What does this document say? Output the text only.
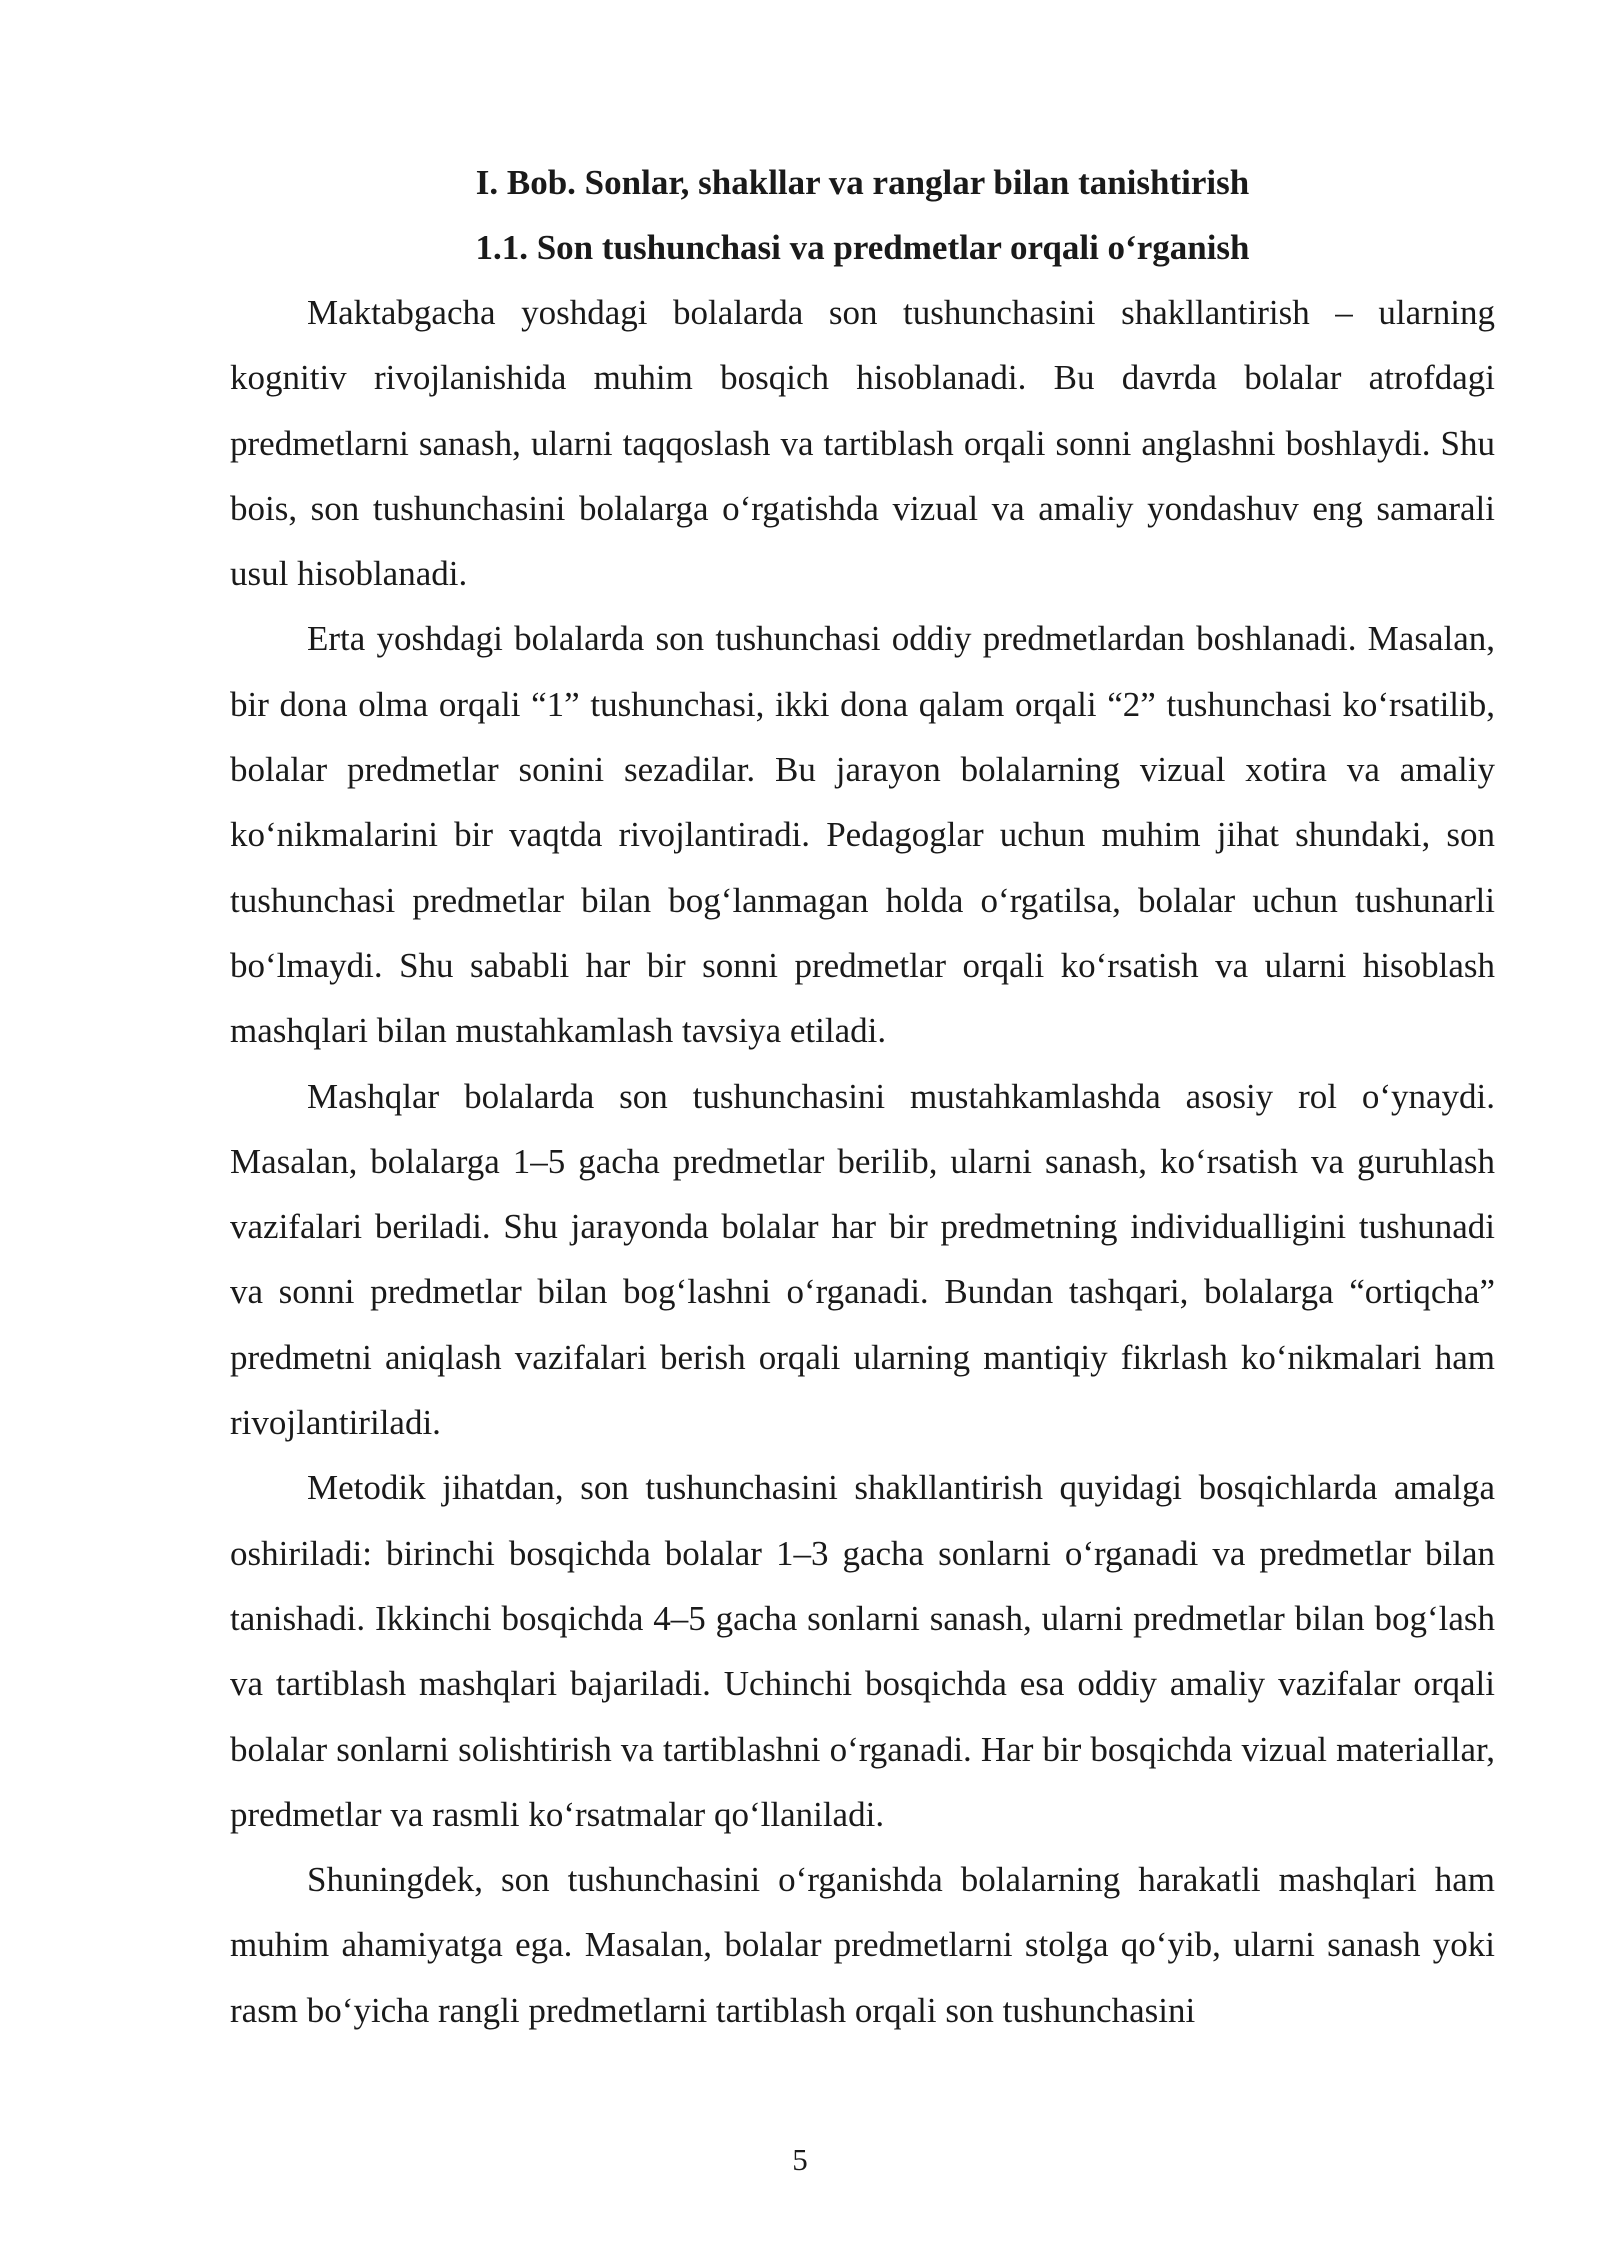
I. Bob. Sonlar, shakllar va ranglar bilan tanishtirish
1.1. Son tushunchasi va predmetlar orqali o‘rganish

Maktabgacha yoshdagi bolalarda son tushunchasini shakllantirish – ularning kognitiv rivojlanishida muhim bosqich hisoblanadi. Bu davrda bolalar atrofdagi predmetlarni sanash, ularni taqqoslash va tartiblash orqali sonni anglashni boshlaydi. Shu bois, son tushunchasini bolalarga o‘rgatishda vizual va amaliy yondashuv eng samarali usul hisoblanadi.

Erta yoshdagi bolalarda son tushunchasi oddiy predmetlardan boshlanadi. Masalan, bir dona olma orqali “1” tushunchasi, ikki dona qalam orqali “2” tushunchasi ko‘rsatilib, bolalar predmetlar sonini sezadilar. Bu jarayon bolalarning vizual xotira va amaliy ko‘nikmalarini bir vaqtda rivojlantiradi. Pedagoglar uchun muhim jihat shundaki, son tushunchasi predmetlar bilan bog‘lanmagan holda o‘rgatilsa, bolalar uchun tushunarli bo‘lmaydi. Shu sababli har bir sonni predmetlar orqali ko‘rsatish va ularni hisoblash mashqlari bilan mustahkamlash tavsiya etiladi.

Mashqlar bolalarda son tushunchasini mustahkamlashda asosiy rol o‘ynaydi. Masalan, bolalarga 1–5 gacha predmetlar berilib, ularni sanash, ko‘rsatish va guruhlash vazifalari beriladi. Shu jarayonda bolalar har bir predmetning individualligini tushunadi va sonni predmetlar bilan bog‘lashni o‘rganadi. Bundan tashqari, bolalarga “ortiqcha” predmetni aniqlash vazifalari berish orqali ularning mantiqiy fikrlash ko‘nikmalari ham rivojlantiriladi.

Metodik jihatdan, son tushunchasini shakllantirish quyidagi bosqichlarda amalga oshiriladi: birinchi bosqichda bolalar 1–3 gacha sonlarni o‘rganadi va predmetlar bilan tanishadi. Ikkinchi bosqichda 4–5 gacha sonlarni sanash, ularni predmetlar bilan bog‘lash va tartiblash mashqlari bajariladi. Uchinchi bosqichda esa oddiy amaliy vazifalar orqali bolalar sonlarni solishtirish va tartiblashni o‘rganadi. Har bir bosqichda vizual materiallar, predmetlar va rasmli ko‘rsatmalar qo‘llaniladi.

Shuningdek, son tushunchasini o‘rganishda bolalarning harakatli mashqlari ham muhim ahamiyatga ega. Masalan, bolalar predmetlarni stolga qo‘yib, ularni sanash yoki rasm bo‘yicha rangli predmetlarni tartiblash orqali son tushunchasini

5
